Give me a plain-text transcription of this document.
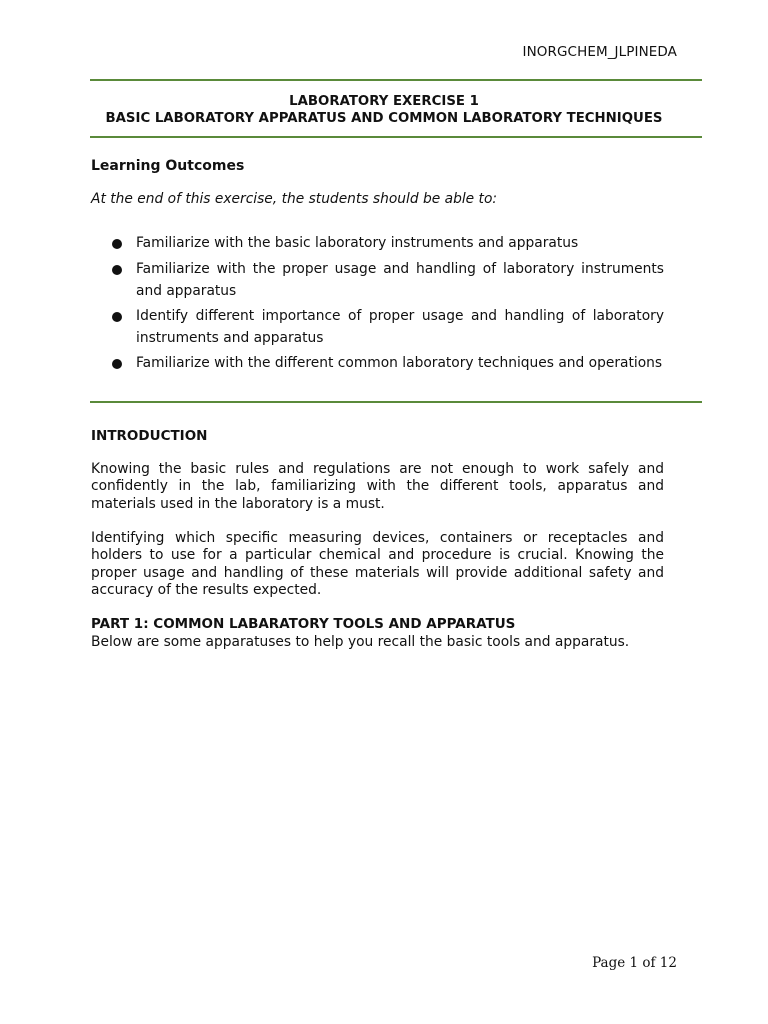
INORGCHEM_JLPINEDA
LABORATORY EXERCISE 1
BASIC LABORATORY APPARATUS AND COMMON LABORATORY TECHNIQUES
Learning Outcomes
At the end of this exercise, the students should be able to:
Familiarize with the basic laboratory instruments and apparatus
Familiarize with the proper usage and handling of laboratory instruments and apparatus
Identify different importance of proper usage and handling of laboratory instruments and apparatus
Familiarize with the different common laboratory techniques and operations
INTRODUCTION

Knowing the basic rules and regulations are not enough to work safely and confidently in the lab, familiarizing with the different tools, apparatus and materials used in the laboratory is a must.

Identifying which specific measuring devices, containers or receptacles and holders to use for a particular chemical and procedure is crucial. Knowing the proper usage and handling of these materials will provide additional safety and accuracy of the results expected.

PART 1: COMMON LABARATORY TOOLS AND APPARATUS

Below are some apparatuses to help you recall the basic tools and apparatus.

Page 1 of 12
